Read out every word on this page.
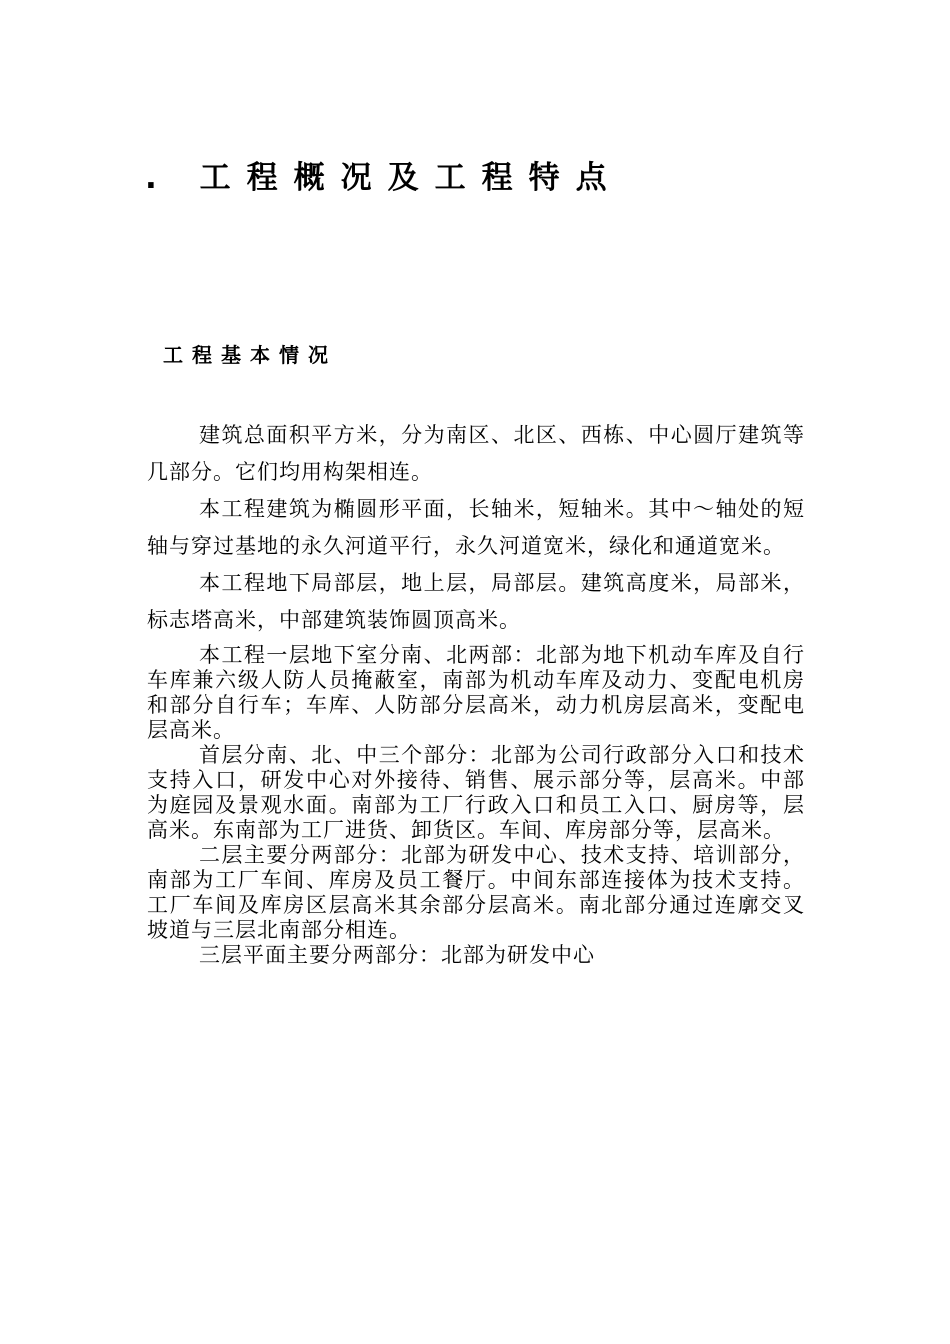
. 工程概况及工程特点
工程基本情况

建筑总面积平方米，分为南区、北区、西栋、中心圆厅建筑等几部分。它们均用构架相连。

本工程建筑为椭圆形平面，长轴米，短轴米。其中～轴处的短轴与穿过基地的永久河道平行，永久河道宽米，绿化和通道宽米。

本工程地下局部层，地上层，局部层。建筑高度米，局部米，标志塔高米，中部建筑装饰圆顶高米。

本工程一层地下室分南、北两部：北部为地下机动车库及自行车库兼六级人防人员掩蔽室，南部为机动车库及动力、变配电机房和部分自行车；车库、人防部分层高米，动力机房层高米，变配电层高米。

首层分南、北、中三个部分：北部为公司行政部分入口和技术支持入口，研发中心对外接待、销售、展示部分等，层高米。中部为庭园及景观水面。南部为工厂行政入口和员工入口、厨房等，层高米。东南部为工厂进货、卸货区。车间、库房部分等，层高米。

二层主要分两部分：北部为研发中心、技术支持、培训部分，南部为工厂车间、库房及员工餐厅。中间东部连接体为技术支持。工厂车间及库房区层高米其余部分层高米。南北部分通过连廓交叉坡道与三层北南部分相连。

三层平面主要分两部分：北部为研发中心
